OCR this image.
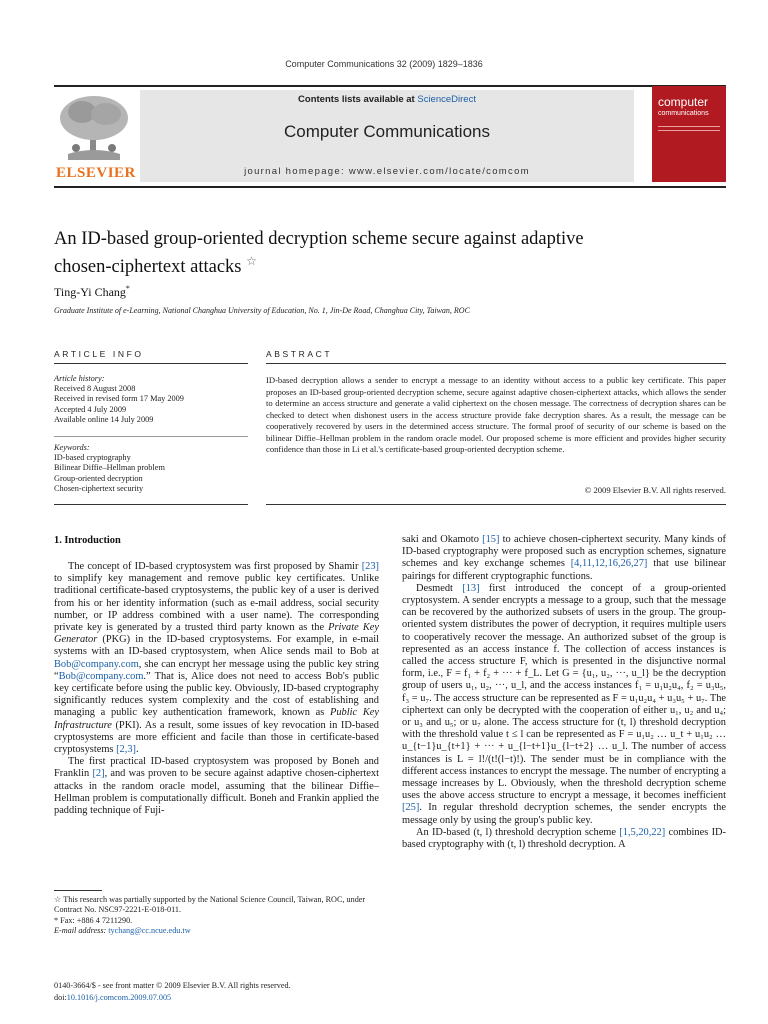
Computer Communications 32 (2009) 1829–1836
ELSEVIER
Contents lists available at ScienceDirect
Computer Communications
journal homepage: www.elsevier.com/locate/comcom
computer
communications
An ID-based group-oriented decryption scheme secure against adaptive
chosen-ciphertext attacks ☆
Ting-Yi Chang*
Graduate Institute of e-Learning, National Changhua University of Education, No. 1, Jin-De Road, Changhua City, Taiwan, ROC
ARTICLE INFO
Article history:
Received 8 August 2008
Received in revised form 17 May 2009
Accepted 4 July 2009
Available online 14 July 2009
Keywords:
ID-based cryptography
Bilinear Diffie–Hellman problem
Group-oriented decryption
Chosen-ciphertext security
ABSTRACT
ID-based decryption allows a sender to encrypt a message to an identity without access to a public key certificate. This paper proposes an ID-based group-oriented decryption scheme, secure against adaptive chosen-ciphertext attacks, which allows the sender to determine an access structure and generate a valid ciphertext on the chosen message. The correctness of decryption shares can be checked to detect when dishonest users in the access structure provide fake decryption shares. As a result, the message can be cooperatively recovered by users in the determined access structure. The formal proof of security of our scheme is based on the bilinear Diffie–Hellman problem in the random oracle model. Our proposed scheme is more efficient and provides higher security confidence than those in Li et al.'s certificate-based group-oriented decryption scheme.
© 2009 Elsevier B.V. All rights reserved.
1. Introduction

The concept of ID-based cryptosystem was first proposed by Shamir [23] to simplify key management and remove public key certificates. Unlike traditional certificate-based cryptosystems, the public key of a user is derived from his or her identity information (such as e-mail address, social security number, or IP address combined with a user name). The corresponding private key is generated by a trusted third party known as the Private Key Generator (PKG) in the ID-based cryptosystems. For example, in e-mail systems with an ID-based cryptosystem, when Alice sends mail to Bob at Bob@company.com, she can encrypt her message using the public key string “Bob@company.com.” That is, Alice does not need to access Bob's public key certificate before using the public key. Obviously, ID-based cryptography significantly reduces system complexity and the cost of establishing and managing a public key authentication framework, known as Public Key Infrastructure (PKI). As a result, some issues of key revocation in ID-based cryptosystems are more efficient and facile than those in certificate-based cryptosystems [2,3].

The first practical ID-based cryptosystem was proposed by Boneh and Franklin [2], and was proven to be secure against adaptive chosen-ciphertext attacks in the random oracle model, assuming that the bilinear Diffie–Hellman problem is computationally difficult. Boneh and Frankin applied the padding technique of Fuji-

☆ This research was partially supported by the National Science Council, Taiwan, ROC, under Contract No. NSC97-2221-E-018-011.
* Fax: +886 4 7211290.
E-mail address: tychang@cc.ncue.edu.tw
0140-3664/$ - see front matter © 2009 Elsevier B.V. All rights reserved.
doi:10.1016/j.comcom.2009.07.005

saki and Okamoto [15] to achieve chosen-ciphertext security. Many kinds of ID-based cryptography were proposed such as encryption schemes, signature schemes and key exchange schemes [4,11,12,16,26,27] that use bilinear pairings for different cryptographic functions.

Desmedt [13] first introduced the concept of a group-oriented cryptosystem. A sender encrypts a message to a group, such that the message can be recovered by the authorized subsets of users in the group. The group-oriented system distributes the power of decryption, it requires multiple users to cooperatively recover the message. An authorized subset of the group is represented as an access instance f. The collection of access instances is called the access structure F, which is presented in the disjunctive normal form, i.e., F = f₁ + f₂ + ··· + f_L. Let G = {u₁, u₂, ···, u_l} be the decryption group of users u₁, u₂, ···, u_l, and the access instances f₁ = u₁u₂u₄, f₂ = u₃u₅, f₃ = u₇. The access structure can be represented as F = u₁u₂u₄ + u₃u₅ + u₇. The ciphertext can only be decrypted with the cooperation of either u₁, u₂ and u₄; or u₃ and u₅; or u₇ alone. The access structure for (t, l) threshold decryption with the threshold value t ≤ l can be represented as F = u₁u₂ … u_t + u₁u₂ … u_{t−1}u_{t+1} + ··· + u_{l−t+1}u_{l−t+2} … u_l. The number of access instances is L = l!/(t!(l−t)!). The sender must be in compliance with the different access instances to encrypt the message. The number of encrypting a message increases by L. Obviously, when the threshold decryption scheme uses the above access structure to encrypt a message, it becomes inefficient [25]. In regular threshold decryption schemes, the sender encrypts the message only by using the group's public key.

An ID-based (t, l) threshold decryption scheme [1,5,20,22] combines ID-based cryptography with (t, l) threshold decryption. A
